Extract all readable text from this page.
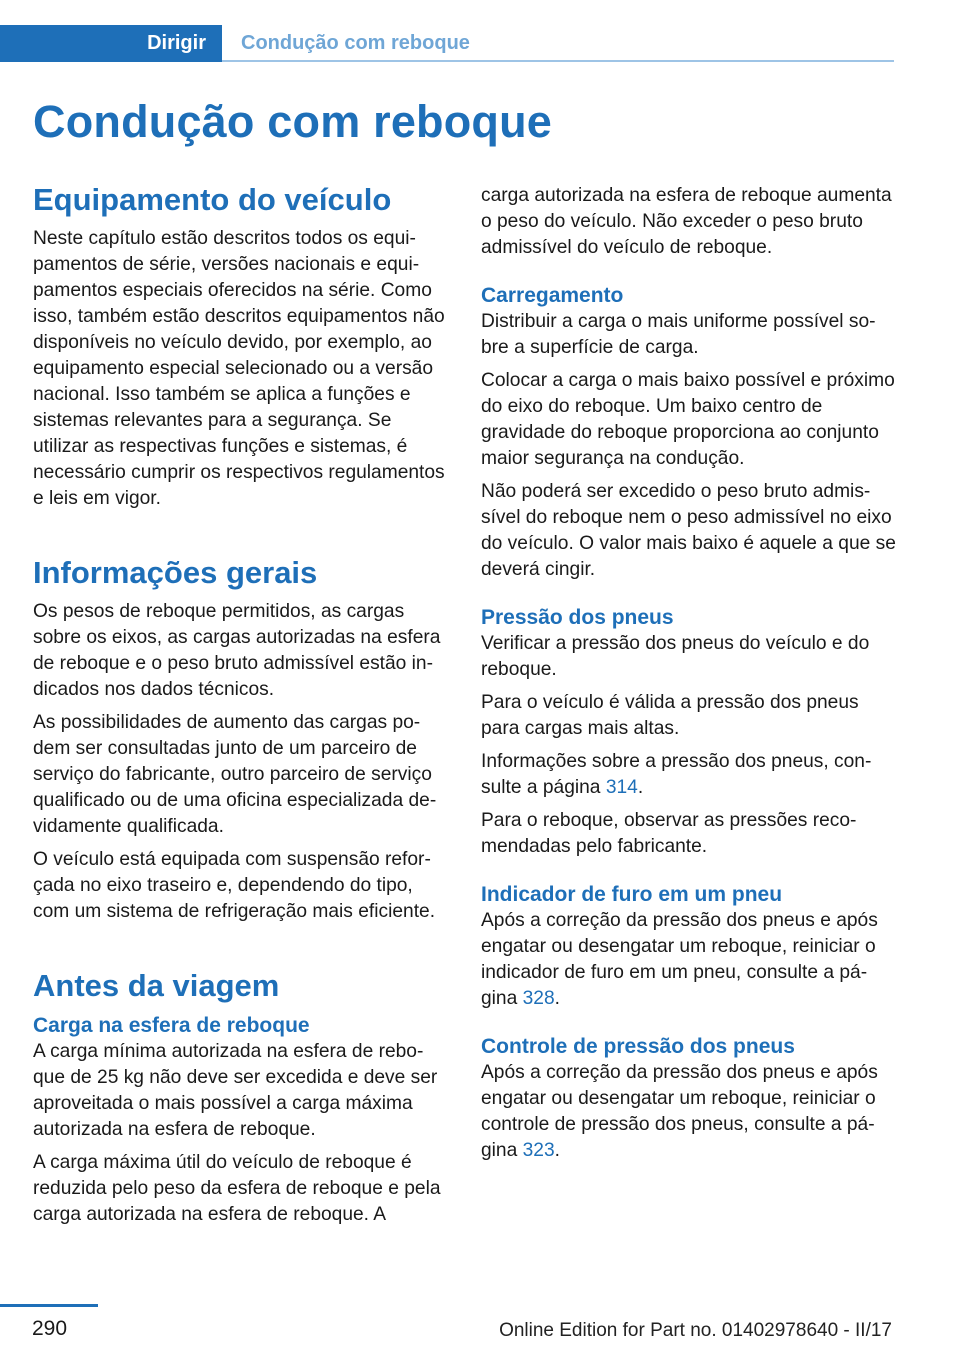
Dirigir	Condução com reboque
Condução com reboque
Equipamento do veículo

Neste capítulo estão descritos todos os equipamentos de série, versões nacionais e equipamentos especiais oferecidos na série. Como isso, também estão descritos equipamentos não disponíveis no veículo devido, por exemplo, ao equipamento especial selecionado ou a versão nacional. Isso também se aplica a funções e sistemas relevantes para a segurança. Se utilizar as respectivas funções e sistemas, é necessário cumprir os respectivos regulamentos e leis em vigor.

Informações gerais

Os pesos de reboque permitidos, as cargas sobre os eixos, as cargas autorizadas na esfera de reboque e o peso bruto admissível estão indicados nos dados técnicos.

As possibilidades de aumento das cargas podem ser consultadas junto de um parceiro de serviço do fabricante, outro parceiro de serviço qualificado ou de uma oficina especializada devidamente qualificada.

O veículo está equipada com suspensão reforçada no eixo traseiro e, dependendo do tipo, com um sistema de refrigeração mais eficiente.

Antes da viagem
Carga na esfera de reboque

A carga mínima autorizada na esfera de reboque de 25 kg não deve ser excedida e deve ser aproveitada o mais possível a carga máxima autorizada na esfera de reboque.

A carga máxima útil do veículo de reboque é reduzida pelo peso da esfera de reboque e pela carga autorizada na esfera de reboque. A

carga autorizada na esfera de reboque aumenta o peso do veículo. Não exceder o peso bruto admissível do veículo de reboque.

Carregamento

Distribuir a carga o mais uniforme possível sobre a superfície de carga.

Colocar a carga o mais baixo possível e próximo do eixo do reboque. Um baixo centro de gravidade do reboque proporciona ao conjunto maior segurança na condução.

Não poderá ser excedido o peso bruto admissível do reboque nem o peso admissível no eixo do veículo. O valor mais baixo é aquele a que se deverá cingir.

Pressão dos pneus

Verificar a pressão dos pneus do veículo e do reboque.

Para o veículo é válida a pressão dos pneus para cargas mais altas.

Informações sobre a pressão dos pneus, consulte a página 314.

Para o reboque, observar as pressões recomendadas pelo fabricante.

Indicador de furo em um pneu

Após a correção da pressão dos pneus e após engatar ou desengatar um reboque, reiniciar o indicador de furo em um pneu, consulte a página 328.

Controle de pressão dos pneus

Após a correção da pressão dos pneus e após engatar ou desengatar um reboque, reiniciar o controle de pressão dos pneus, consulte a página 323.

290	Online Edition for Part no. 01402978640 - II/17
